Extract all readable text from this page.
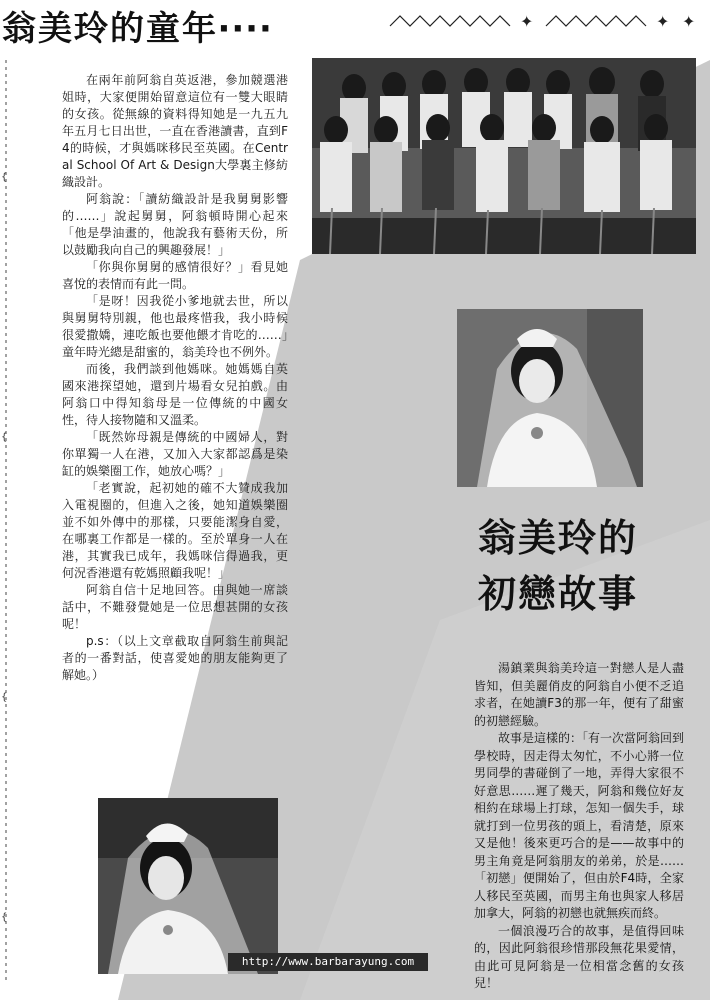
{
{
{
{
翁美玲的童年‧‧‧‧	✦	✦ ✦

在兩年前阿翁自英返港，參加競選港姐時，大家便開始留意這位有一雙大眼睛的女孩。從無線的資料得知她是一九五九年五月七日出世，一直在香港讀書，直到F4的時候，才與媽咪移民至英國。在Central School Of Art & Design大學裏主修紡織設計。

阿翁說：「讀紡織設計是我舅舅影響的……」說起舅舅，阿翁頓時開心起來「他是學油畫的，他說我有藝術天份，所以鼓勵我向自己的興趣發展！」

「你與你舅舅的感情很好？」看見她喜悅的表情而有此一問。

「是呀！因我從小爹地就去世，所以與舅舅特別親，他也最疼惜我，我小時候很愛撒嬌，連吃飯也要他餵才肯吃的……」童年時光總是甜蜜的，翁美玲也不例外。

而後，我們談到他媽咪。她媽媽自英國來港探望她，還到片場看女兒拍戲。由阿翁口中得知翁母是一位傳統的中國女性，待人接物隨和又溫柔。

「既然妳母親是傳統的中國婦人，對你單獨一人在港，又加入大家都認爲是染缸的娛樂圈工作，她放心嗎？」

「老實說，起初她的確不大贊成我加入電視圈的，但進入之後，她知道娛樂圈並不如外傳中的那樣，只要能潔身自愛，在哪裏工作都是一樣的。至於單身一人在港，其實我已成年，我媽咪信得過我，更何況香港還有乾媽照顧我呢！」

阿翁自信十足地回答。由與她一席談話中，不難發覺她是一位思想甚開的女孩呢！

p.s：（以上文章截取自阿翁生前與記者的一番對話，使喜愛她的朋友能夠更了解她。）

翁美玲的
初戀故事

湯鎮業與翁美玲這一對戀人是人盡皆知，但美麗俏皮的阿翁自小便不乏追求者，在她讀F3的那一年，便有了甜蜜的初戀經驗。

故事是這樣的：「有一次當阿翁回到學校時，因走得太匆忙，不小心將一位男同學的書碰倒了一地，弄得大家很不好意思……遲了幾天，阿翁和幾位好友相約在球場上打球，怎知一個失手，球就打到一位男孩的頭上，看清楚，原來又是他！後來更巧合的是——故事中的男主角竟是阿翁朋友的弟弟，於是……「初戀」便開始了，但由於F4時，全家人移民至英國，而男主角也與家人移居加拿大，阿翁的初戀也就無疾而終。

一個浪漫巧合的故事，是值得回味的，因此阿翁很珍惜那段無花果愛情，由此可見阿翁是一位相當念舊的女孩兒！

http://www.barbarayung.com
